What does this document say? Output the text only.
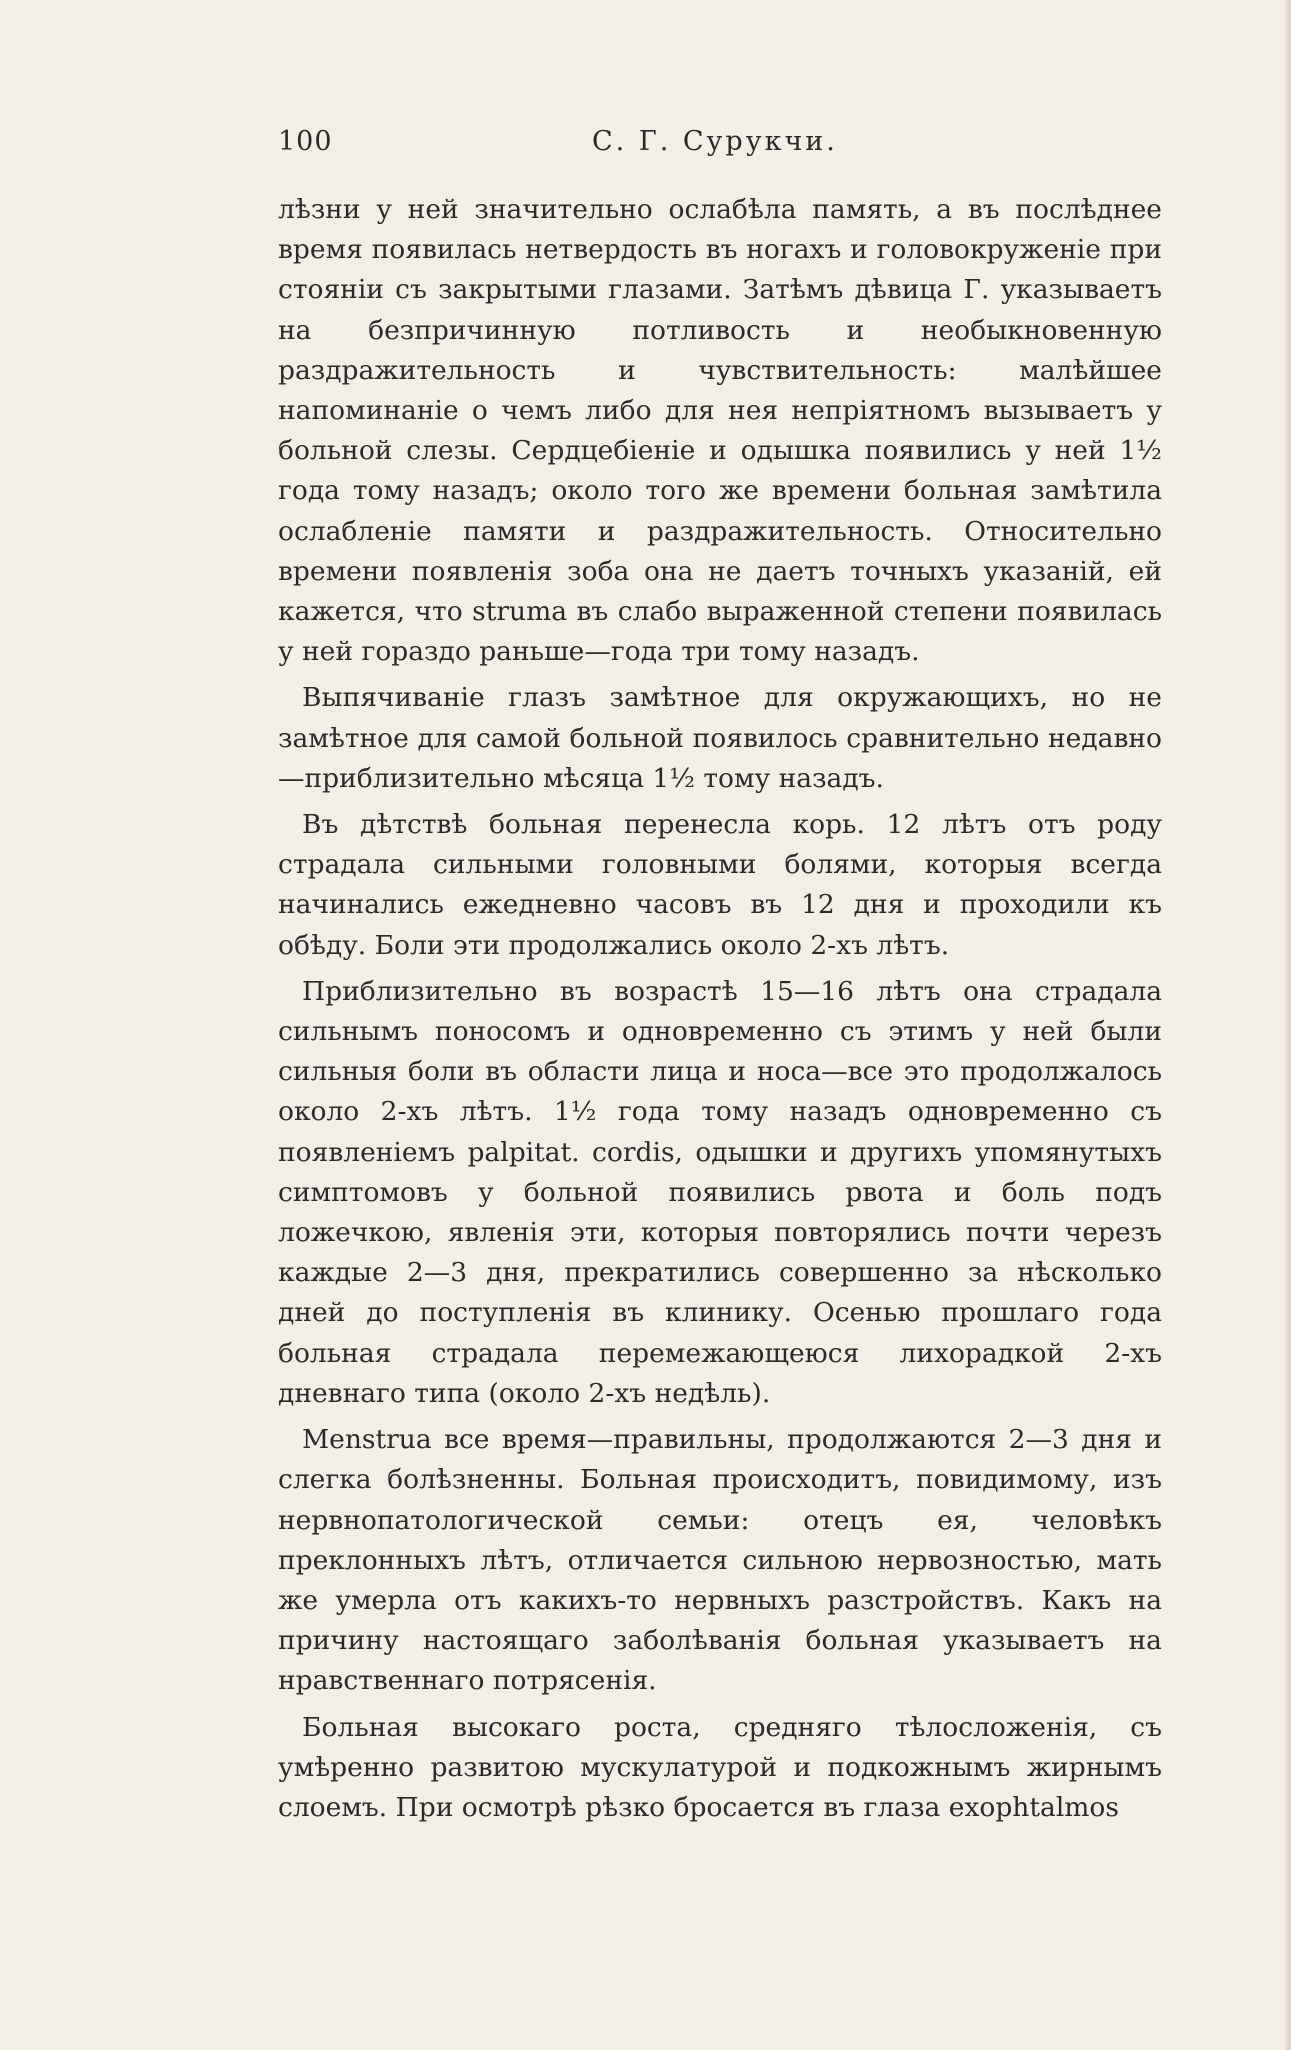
100	С. Г. Сурукчи.

лѣзни у ней значительно ослабѣла память, а въ послѣднее время появилась нетвердость въ ногахъ и головокруженіе при стояніи съ закрытыми глазами. Затѣмъ дѣвица Г. указываетъ на безпричинную потливость и необыкновенную раздражительность и чувствительность: малѣйшее напоминаніе о чемъ либо для нея непріятномъ вызываетъ у больной слезы. Сердцебіеніе и одышка появились у ней 1½ года тому назадъ; около того же времени больная замѣтила ослабленіе памяти и раздражительность. Относительно времени появленія зоба она не даетъ точныхъ указаній, ей кажется, что struma въ слабо выраженной степени появилась у ней гораздо раньше—года три тому назадъ.

Выпячиваніе глазъ замѣтное для окружающихъ, но не замѣтное для самой больной появилось сравнительно недавно—приблизительно мѣсяца 1½ тому назадъ.

Въ дѣтствѣ больная перенесла корь. 12 лѣтъ отъ роду страдала сильными головными болями, которыя всегда начинались ежедневно часовъ въ 12 дня и проходили къ обѣду. Боли эти продолжались около 2-хъ лѣтъ.

Приблизительно въ возрастѣ 15—16 лѣтъ она страдала сильнымъ поносомъ и одновременно съ этимъ у ней были сильныя боли въ области лица и носа—все это продолжалось около 2-хъ лѣтъ. 1½ года тому назадъ одновременно съ появленіемъ palpitat. cordis, одышки и другихъ упомянутыхъ симптомовъ у больной появились рвота и боль подъ ложечкою, явленія эти, которыя повторялись почти черезъ каждые 2—3 дня, прекратились совершенно за нѣсколько дней до поступленія въ клинику. Осенью прошлаго года больная страдала перемежающеюся лихорадкой 2-хъ дневнаго типа (около 2-хъ недѣль).

Menstrua все время—правильны, продолжаются 2—3 дня и слегка болѣзненны. Больная происходитъ, повидимому, изъ нервнопатологической семьи: отецъ ея, человѣкъ преклонныхъ лѣтъ, отличается сильною нервозностью, мать же умерла отъ какихъ-то нервныхъ разстройствъ. Какъ на причину настоящаго заболѣванія больная указываетъ на нравственнаго потрясенія.

Больная высокаго роста, средняго тѣлосложенія, съ умѣренно развитою мускулатурой и подкожнымъ жирнымъ слоемъ. При осмотрѣ рѣзко бросается въ глаза exophtalmos
